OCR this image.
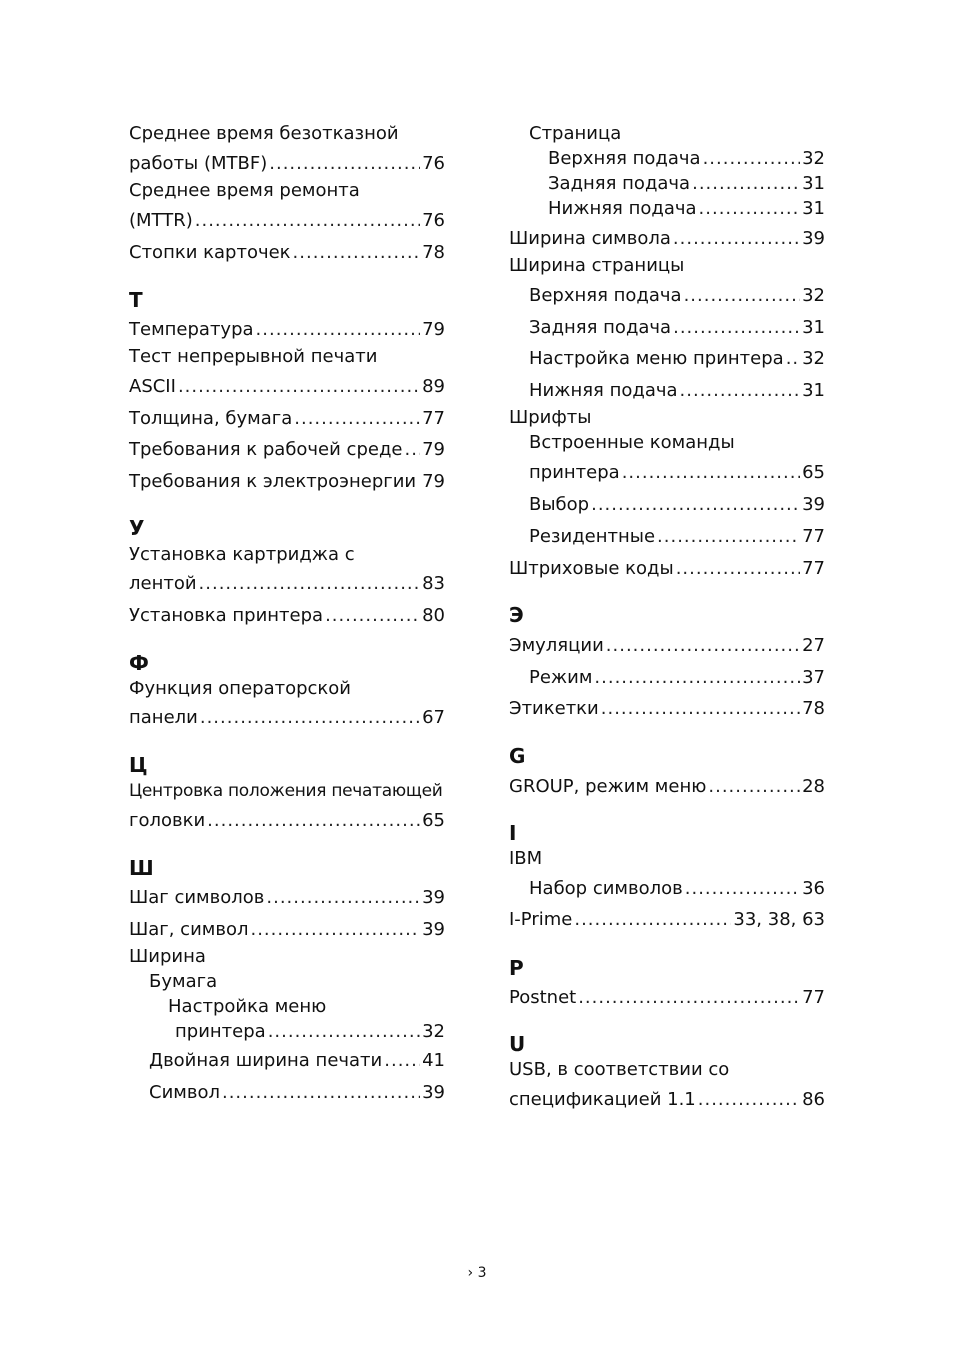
Среднее время безотказной
работы (MTBF) .....	76
Среднее время ремонта
(MTTR) .....	76
Стопки карточек .....	78
Т
Температура .....	79
Тест непрерывной печати
ASCII .....	89
Толщина, бумага .....	77
Требования к рабочей среде ..... 79
Требования к электроэнергии ..... 79
У
Установка картриджа с
лентой .....	83
Установка принтера .....	80
Ф
Функция операторской
панели .....	67
Ц
Центровка положения печатающей
головки .....	65
Ш
Шаг символов .....	39
Шаг, символ .....	39
Ширина
Бумага
Настройка меню
принтера .....	32
Двойная ширина печати ..... 41
Символ .....	39
Страница
Верхняя подача .....	32
Задняя подача .....	31
Нижняя подача .....	31
Ширина символа .....	39
Ширина страницы
Верхняя подача .....	32
Задняя подача .....	31
Настройка меню принтера ..... 32
Нижняя подача .....	31
Шрифты
Встроенные команды
принтера .....	65
Выбор .....	39
Резидентные .....	77
Штриховые коды .....	77
Э
Эмуляции .....	27
Режим .....	37
Этикетки .....	78
G
GROUP, режим меню .....	28
I
IBM
Набор символов .....	36
I-Prime .....	33, 38, 63
P
Postnet .....	77
U
USB, в соответствии со
спецификацией 1.1 .....	86
› 3
